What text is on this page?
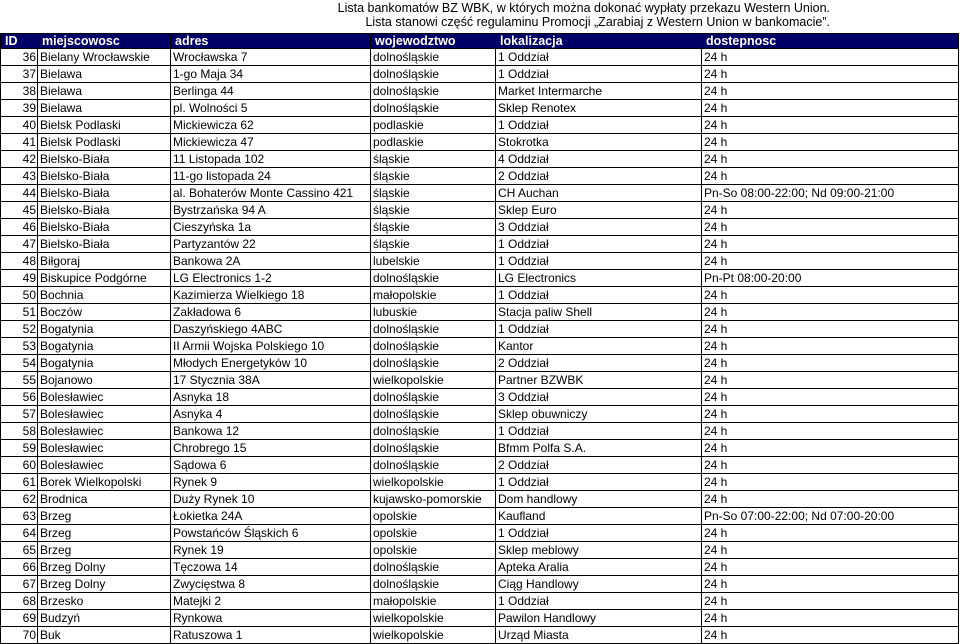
Lista bankomatów BZ WBK, w których można dokonać wypłaty przekazu Western Union.
Lista stanowi część regulaminu Promocji „Zarabiaj z Western Union w bankomacie”.
ID	miejscowosc	adres	wojewodztwo	lokalizacja	dostepnosc
36	Bielany Wrocławskie	Wrocławska 7	dolnośląskie	1 Oddział	24 h
37	Bielawa	1-go Maja 34	dolnośląskie	1 Oddział	24 h
38	Bielawa	Berlinga 44	dolnośląskie	Market Intermarche	24 h
39	Bielawa	pl. Wolności 5	dolnośląskie	Sklep Renotex	24 h
40	Bielsk Podlaski	Mickiewicza 62	podlaskie	1 Oddział	24 h
41	Bielsk Podlaski	Mickiewicza 47	podlaskie	Stokrotka	24 h
42	Bielsko-Biała	11 Listopada 102	śląskie	4 Oddział	24 h
43	Bielsko-Biała	11-go listopada 24	śląskie	2 Oddział	24 h
44	Bielsko-Biała	al. Bohaterów Monte Cassino 421	śląskie	CH Auchan	Pn-So 08:00-22:00; Nd 09:00-21:00
45	Bielsko-Biała	Bystrzańska 94 A	śląskie	Sklep Euro	24 h
46	Bielsko-Biała	Cieszyńska 1a	śląskie	3 Oddział	24 h
47	Bielsko-Biała	Partyzantów 22	śląskie	1 Oddział	24 h
48	Biłgoraj	Bankowa 2A	lubelskie	1 Oddział	24 h
49	Biskupice Podgórne	LG Electronics 1-2	dolnośląskie	LG Electronics	Pn-Pt 08:00-20:00
50	Bochnia	Kazimierza Wielkiego 18	małopolskie	1 Oddział	24 h
51	Boczów	Zakładowa 6	lubuskie	Stacja paliw Shell	24 h
52	Bogatynia	Daszyńskiego 4ABC	dolnośląskie	1 Oddział	24 h
53	Bogatynia	II Armii Wojska Polskiego 10	dolnośląskie	Kantor	24 h
54	Bogatynia	Młodych Energetyków 10	dolnośląskie	2 Oddział	24 h
55	Bojanowo	17 Stycznia 38A	wielkopolskie	Partner BZWBK	24 h
56	Bolesławiec	Asnyka 18	dolnośląskie	3 Oddział	24 h
57	Bolesławiec	Asnyka 4	dolnośląskie	Sklep obuwniczy	24 h
58	Bolesławiec	Bankowa 12	dolnośląskie	1 Oddział	24 h
59	Bolesławiec	Chrobrego 15	dolnośląskie	Bfmm Polfa S.A.	24 h
60	Bolesławiec	Sądowa 6	dolnośląskie	2 Oddział	24 h
61	Borek Wielkopolski	Rynek 9	wielkopolskie	1 Oddział	24 h
62	Brodnica	Duży Rynek 10	kujawsko-pomorskie	Dom handlowy	24 h
63	Brzeg	Łokietka 24A	opolskie	Kaufland	Pn-So 07:00-22:00; Nd 07:00-20:00
64	Brzeg	Powstańców Śląskich 6	opolskie	1 Oddział	24 h
65	Brzeg	Rynek 19	opolskie	Sklep meblowy	24 h
66	Brzeg Dolny	Tęczowa 14	dolnośląskie	Apteka Aralia	24 h
67	Brzeg Dolny	Zwycięstwa 8	dolnośląskie	Ciąg Handlowy	24 h
68	Brzesko	Matejki 2	małopolskie	1 Oddział	24 h
69	Budzyń	Rynkowa	wielkopolskie	Pawilon Handlowy	24 h
70	Buk	Ratuszowa 1	wielkopolskie	Urząd Miasta	24 h
